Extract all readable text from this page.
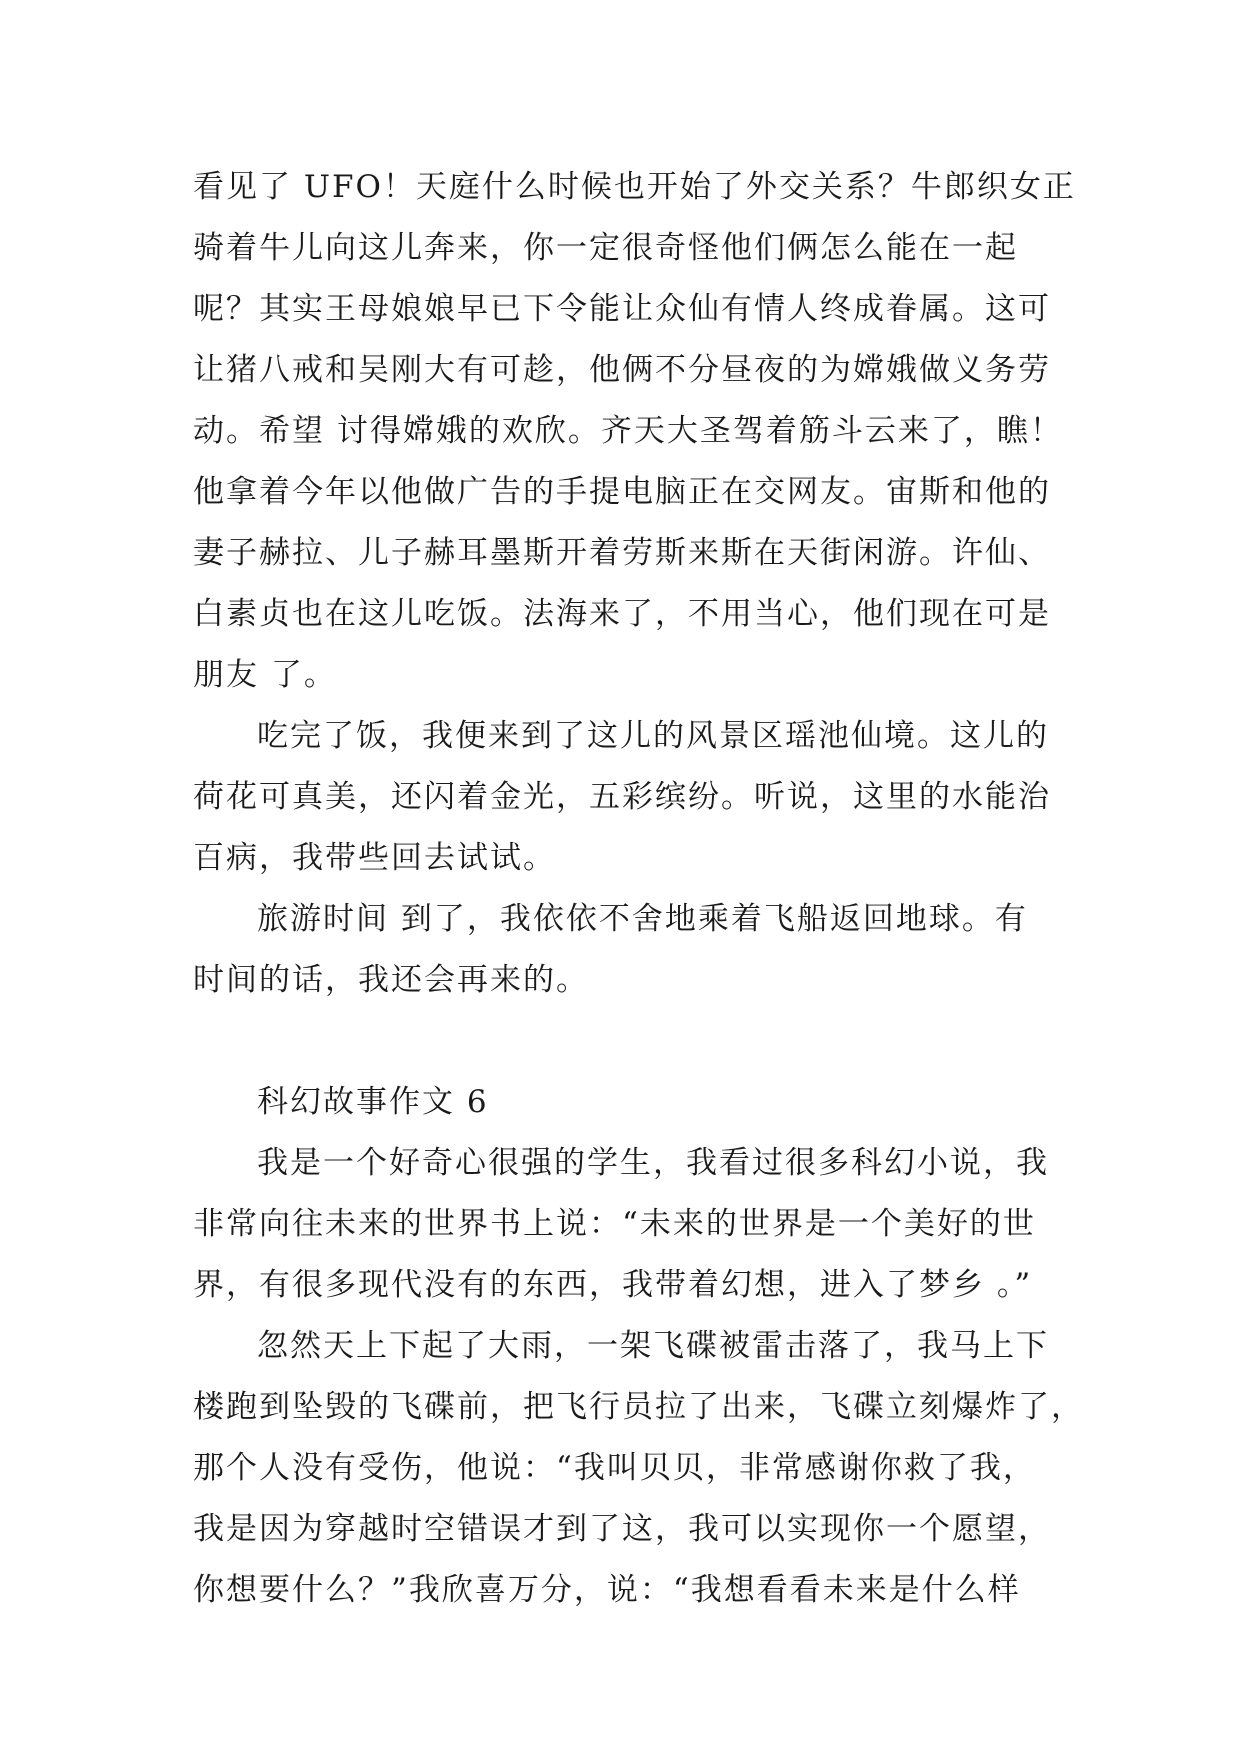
看见了 UFO！天庭什么时候也开始了外交关系？牛郎织女正
骑着牛儿向这儿奔来，你一定很奇怪他们俩怎么能在一起
呢？其实王母娘娘早已下令能让众仙有情人终成眷属。这可
让猪八戒和吴刚大有可趁，他俩不分昼夜的为嫦娥做义务劳
动。希望 讨得嫦娥的欢欣。齐天大圣驾着筋斗云来了，瞧！
他拿着今年以他做广告的手提电脑正在交网友。宙斯和他的
妻子赫拉、儿子赫耳墨斯开着劳斯来斯在天街闲游。许仙、
白素贞也在这儿吃饭。法海来了，不用当心，他们现在可是
朋友 了。
吃完了饭，我便来到了这儿的风景区瑶池仙境。这儿的
荷花可真美，还闪着金光，五彩缤纷。听说，这里的水能治
百病，我带些回去试试。
旅游时间 到了，我依依不舍地乘着飞船返回地球。有
时间的话，我还会再来的。
科幻故事作文 6
我是一个好奇心很强的学生，我看过很多科幻小说，我
非常向往未来的世界书上说：“未来的世界是一个美好的世
界，有很多现代没有的东西，我带着幻想，进入了梦乡 。”
忽然天上下起了大雨，一架飞碟被雷击落了，我马上下
楼跑到坠毁的飞碟前，把飞行员拉了出来，飞碟立刻爆炸了，
那个人没有受伤，他说：“我叫贝贝，非常感谢你救了我，
我是因为穿越时空错误才到了这，我可以实现你一个愿望，
你想要什么？”我欣喜万分，说：“我想看看未来是什么样
